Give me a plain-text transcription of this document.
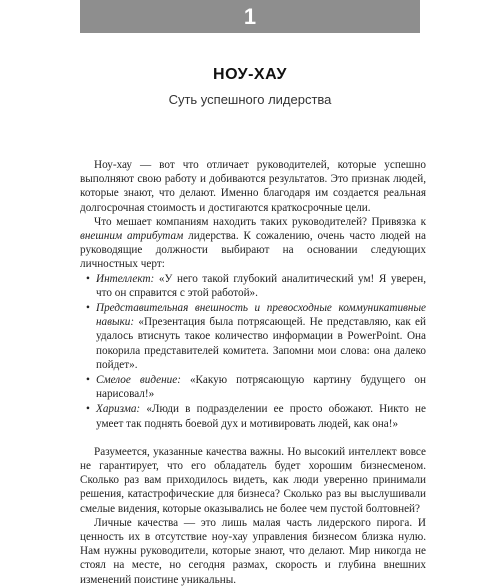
1
НОУ-ХАУ
Суть успешного лидерства

Ноу-хау — вот что отличает руководителей, которые успешно выполняют свою работу и добиваются результатов. Это признак людей, которые знают, что делают. Именно благодаря им создается реальная долгосрочная стоимость и достигаются краткосрочные цели.

Что мешает компаниям находить таких руководителей? Привязка к внешним атрибутам лидерства. К сожалению, очень часто людей на руководящие должности выбирают на основании следующих личностных черт:

• Интеллект: «У него такой глубокий аналитический ум! Я уверен, что он справится с этой работой».
• Представительная внешность и превосходные коммуникативные навыки: «Презентация была потрясающей. Не представляю, как ей удалось втиснуть такое количество информации в PowerPoint. Она покорила представителей комитета. Запомни мои слова: она далеко пойдет».
• Смелое видение: «Какую потрясающую картину будущего он нарисовал!»
• Харизма: «Люди в подразделении ее просто обожают. Никто не умеет так поднять боевой дух и мотивировать людей, как она!»

Разумеется, указанные качества важны. Но высокий интеллект вовсе не гарантирует, что его обладатель будет хорошим бизнесменом. Сколько раз вам приходилось видеть, как люди уверенно принимали решения, катастрофические для бизнеса? Сколько раз вы выслушивали смелые видения, которые оказывались не более чем пустой болтовней?

Личные качества — это лишь малая часть лидерского пирога. И ценность их в отсутствие ноу-хау управления бизнесом близка нулю. Нам нужны руководители, которые знают, что делают. Мир никогда не стоял на месте, но сегодня размах, скорость и глубина внешних изменений поистине уникальны.
